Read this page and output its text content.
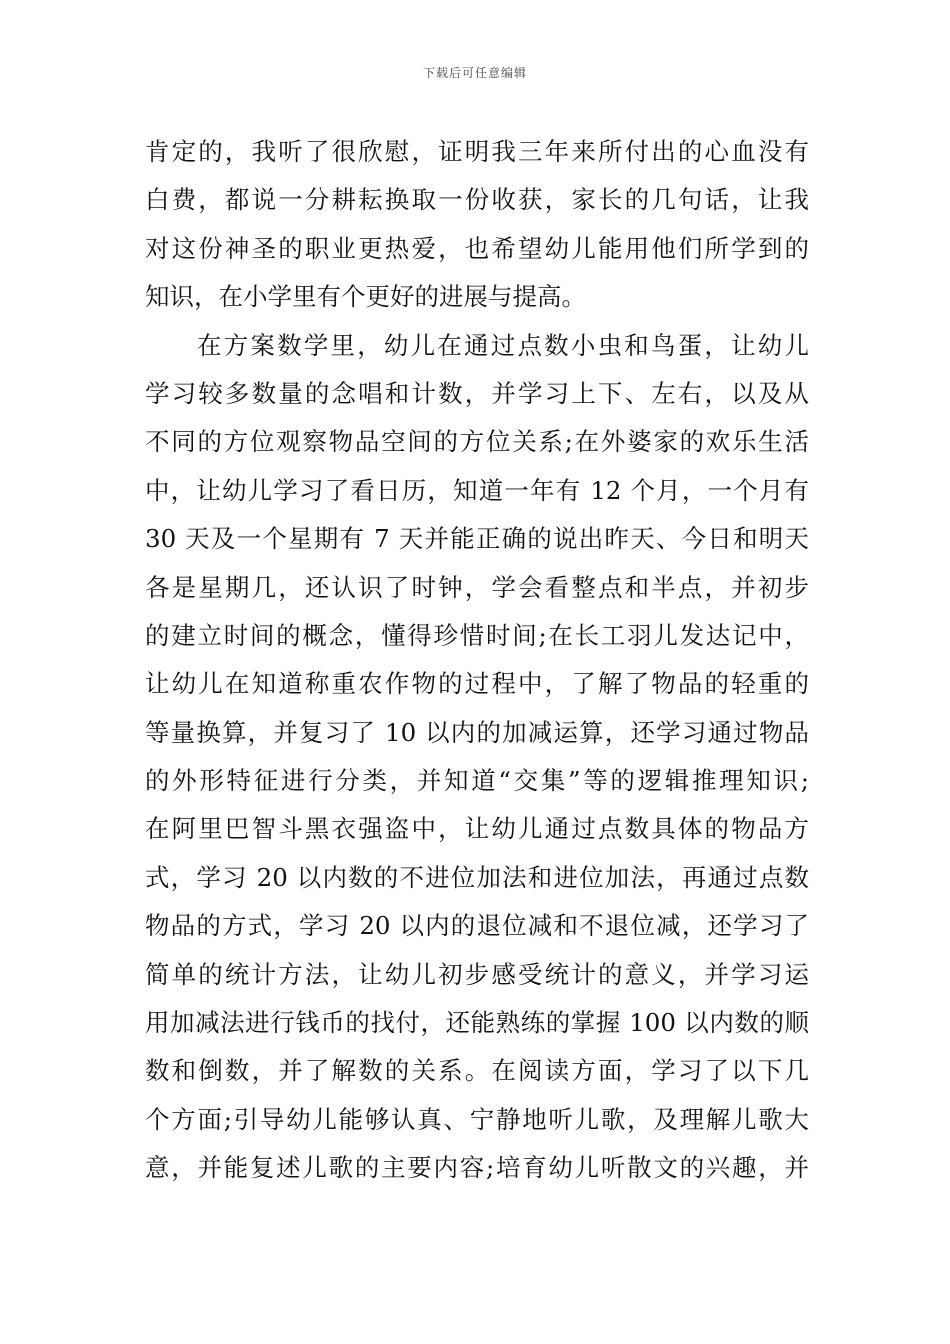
下载后可任意编辑
肯定的，我听了很欣慰，证明我三年来所付出的心血没有
白费，都说一分耕耘换取一份收获，家长的几句话，让我
对这份神圣的职业更热爱，也希望幼儿能用他们所学到的
知识，在小学里有个更好的进展与提高。
在方案数学里，幼儿在通过点数小虫和鸟蛋，让幼儿
学习较多数量的念唱和计数，并学习上下、左右，以及从
不同的方位观察物品空间的方位关系;在外婆家的欢乐生活
中，让幼儿学习了看日历，知道一年有 12 个月，一个月有
30 天及一个星期有 7 天并能正确的说出昨天、今日和明天
各是星期几，还认识了时钟，学会看整点和半点，并初步
的建立时间的概念，懂得珍惜时间;在长工羽儿发达记中，
让幼儿在知道称重农作物的过程中，了解了物品的轻重的
等量换算，并复习了 10 以内的加减运算，还学习通过物品
的外形特征进行分类，并知道“交集”等的逻辑推理知识;
在阿里巴智斗黑衣强盗中，让幼儿通过点数具体的物品方
式，学习 20 以内数的不进位加法和进位加法，再通过点数
物品的方式，学习 20 以内的退位减和不退位减，还学习了
简单的统计方法，让幼儿初步感受统计的意义，并学习运
用加减法进行钱币的找付，还能熟练的掌握 100 以内数的顺
数和倒数，并了解数的关系。在阅读方面，学习了以下几
个方面;引导幼儿能够认真、宁静地听儿歌，及理解儿歌大
意，并能复述儿歌的主要内容;培育幼儿听散文的兴趣，并
